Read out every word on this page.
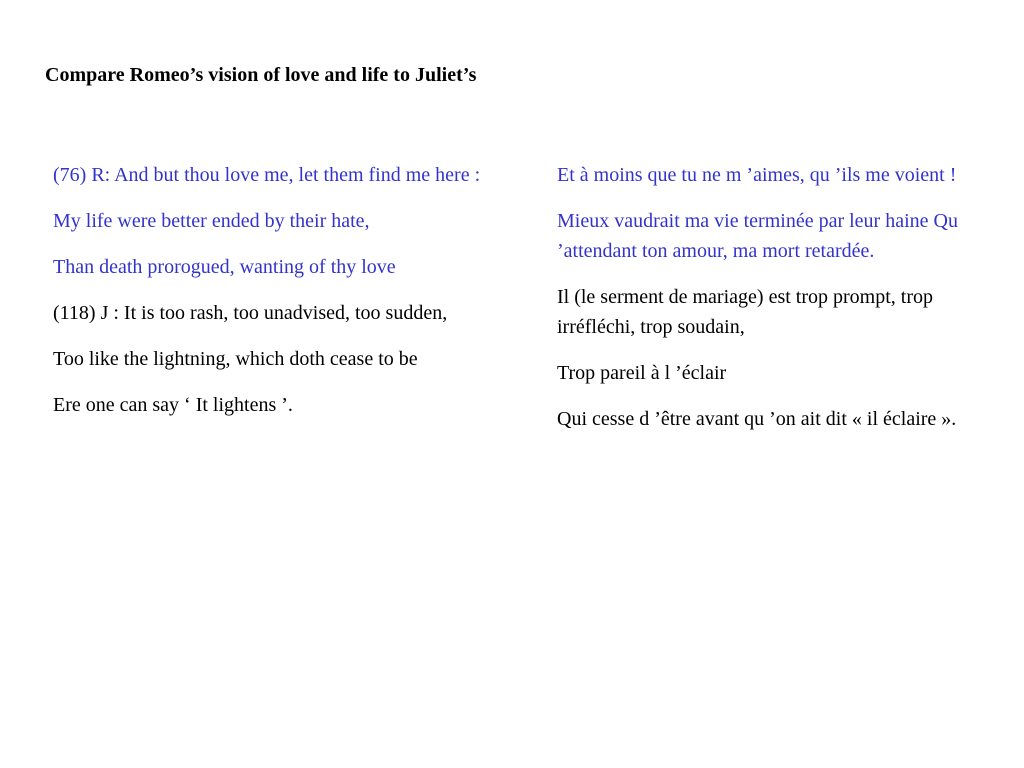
Compare Romeo’s vision of love and life to Juliet’s

(76) R: And but thou love me, let them find me here :

My life were better ended by their hate,

Than death prorogued, wanting of thy love

(118) J : It is too rash, too unadvised, too sudden,

Too like the lightning, which doth cease to be

Ere one can say ‘ It lightens ’.

Et à moins que tu ne m ’aimes, qu ’ils me voient !

Mieux vaudrait ma vie terminée par leur haine Qu ’attendant ton amour, ma mort retardée.

Il (le serment de mariage) est trop prompt, trop irréfléchi, trop soudain,

Trop pareil à l ’éclair

Qui cesse d ’être avant qu ’on ait dit « il éclaire ».
